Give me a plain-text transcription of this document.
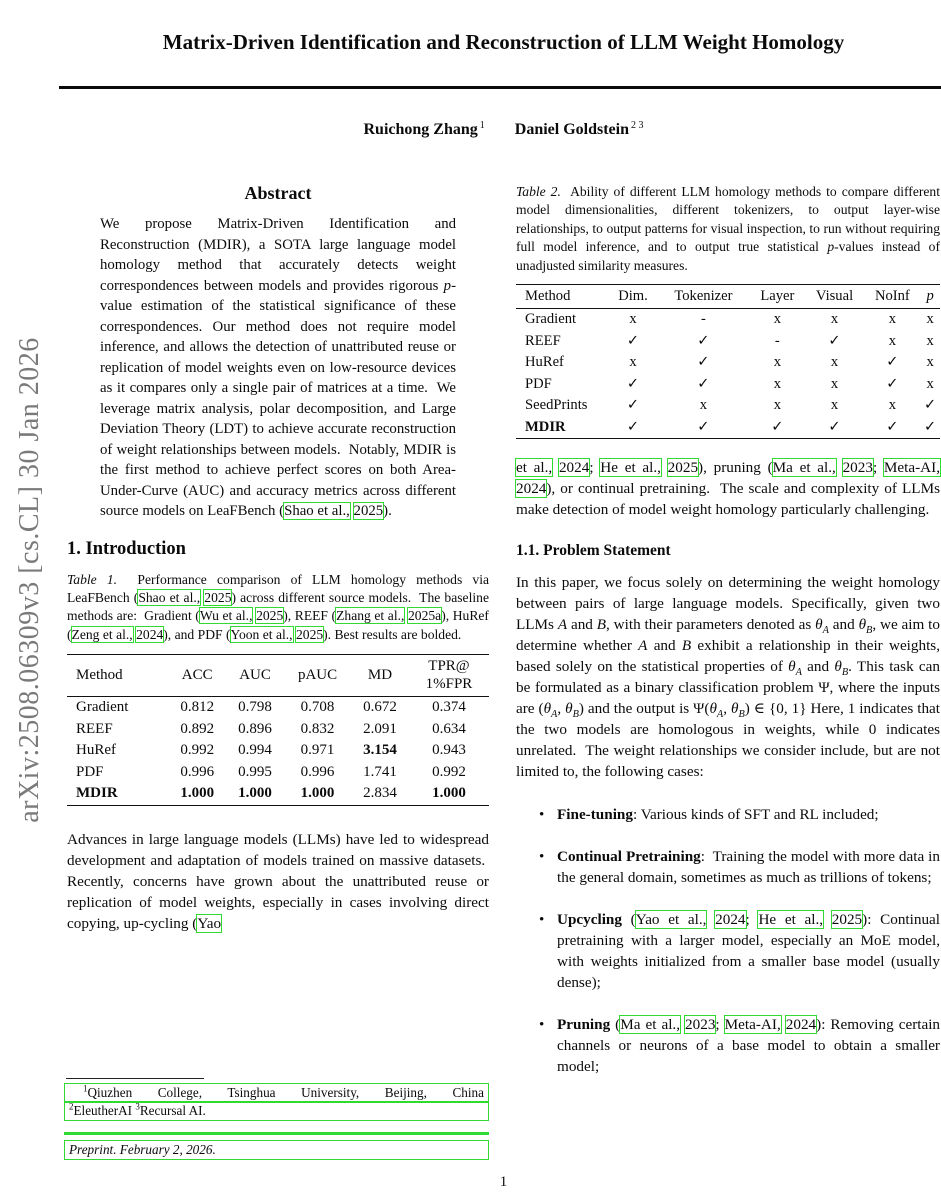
arXiv:2508.06309v3 [cs.CL] 30 Jan 2026
Matrix-Driven Identification and Reconstruction of LLM Weight Homology
Ruichong Zhang $^1$ Daniel Goldstein $^{2 3}$
Abstract

We propose Matrix-Driven Identification and Reconstruction (MDIR), a SOTA large language model homology method that accurately detects weight correspondences between models and provides rigorous p-value estimation of the statistical significance of these correspondences. Our method does not require model inference, and allows the detection of unattributed reuse or replication of model weights even on low-resource devices as it compares only a single pair of matrices at a time.  We leverage matrix analysis, polar decomposition, and Large Deviation Theory (LDT) to achieve accurate reconstruction of weight relationships between models.  Notably, MDIR is the first method to achieve perfect scores on both Area-Under-Curve (AUC) and accuracy metrics across different source models on LeaFBench (Shao et al., 2025).

1. Introduction
Table 1.  Performance comparison of LLM homology methods via LeaFBench (Shao et al., 2025) across different source models.  The baseline methods are:  Gradient (Wu et al., 2025), REEF (Zhang et al., 2025a), HuRef (Zeng et al., 2024), and PDF (Yoon et al., 2025). Best results are bolded.
Method	ACC	AUC	pAUC	MD	TPR@
1%FPR

Gradient	0.812	0.798	0.708	0.672	0.374
REEF	0.892	0.896	0.832	2.091	0.634
HuRef	0.992	0.994	0.971	3.154	0.943
PDF	0.996	0.995	0.996	1.741	0.992
MDIR	1.000	1.000	1.000	2.834	1.000

Advances in large language models (LLMs) have led to widespread development and adaptation of models trained on massive datasets.  Recently, concerns have grown about the unattributed reuse or replication of model weights, especially in cases involving direct copying, up-cycling (Yao

$^1$Qiuzhen College, Tsinghua University, Beijing, China
$^2$EleutherAI $^3$Recursal AI.
Preprint. February 2, 2026.
Table 2.  Ability of different LLM homology methods to compare different model dimensionalities, different tokenizers, to output layer-wise relationships, to output patterns for visual inspection, to run without requiring full model inference, and to output true statistical p-values instead of unadjusted similarity measures.
Method	Dim.	Tokenizer	Layer	Visual	NoInf	p
Gradient	x	-	x	x	x	x
REEF	✓	✓	-	✓	x	x
HuRef	x	✓	x	x	✓	x
PDF	✓	✓	x	x	✓	x
SeedPrints	✓	x	x	x	x	✓
MDIR	✓	✓	✓	✓	✓	✓

et al., 2024; He et al., 2025), pruning (Ma et al., 2023; Meta-AI, 2024), or continual pretraining.  The scale and complexity of LLMs make detection of model weight homology particularly challenging.

1.1. Problem Statement

In this paper, we focus solely on determining the weight homology between pairs of large language models. Specifically, given two LLMs A and B, with their parameters denoted as $\theta_A$ and $\theta_B$, we aim to determine whether A and B exhibit a relationship in their weights, based solely on the statistical properties of $\theta_A$ and $\theta_B$. This task can be formulated as a binary classification problem Ψ, where the inputs are ($\theta_A$, $\theta_B$) and the output is $\Psi(\theta_A$, $\theta_B$) ∈ {0, 1} Here, 1 indicates that the two models are homologous in weights, while 0 indicates unrelated.  The weight relationships we consider include, but are not limited to, the following cases:

• Fine-tuning: Various kinds of SFT and RL included;
• Continual Pretraining:  Training the model with more data in the general domain, sometimes as much as trillions of tokens;
• Upcycling (Yao et al., 2024; He et al., 2025): Continual pretraining with a larger model, especially an MoE model, with weights initialized from a smaller base model (usually dense);
• Pruning (Ma et al., 2023; Meta-AI, 2024): Removing certain channels or neurons of a base model to obtain a smaller model;
1
